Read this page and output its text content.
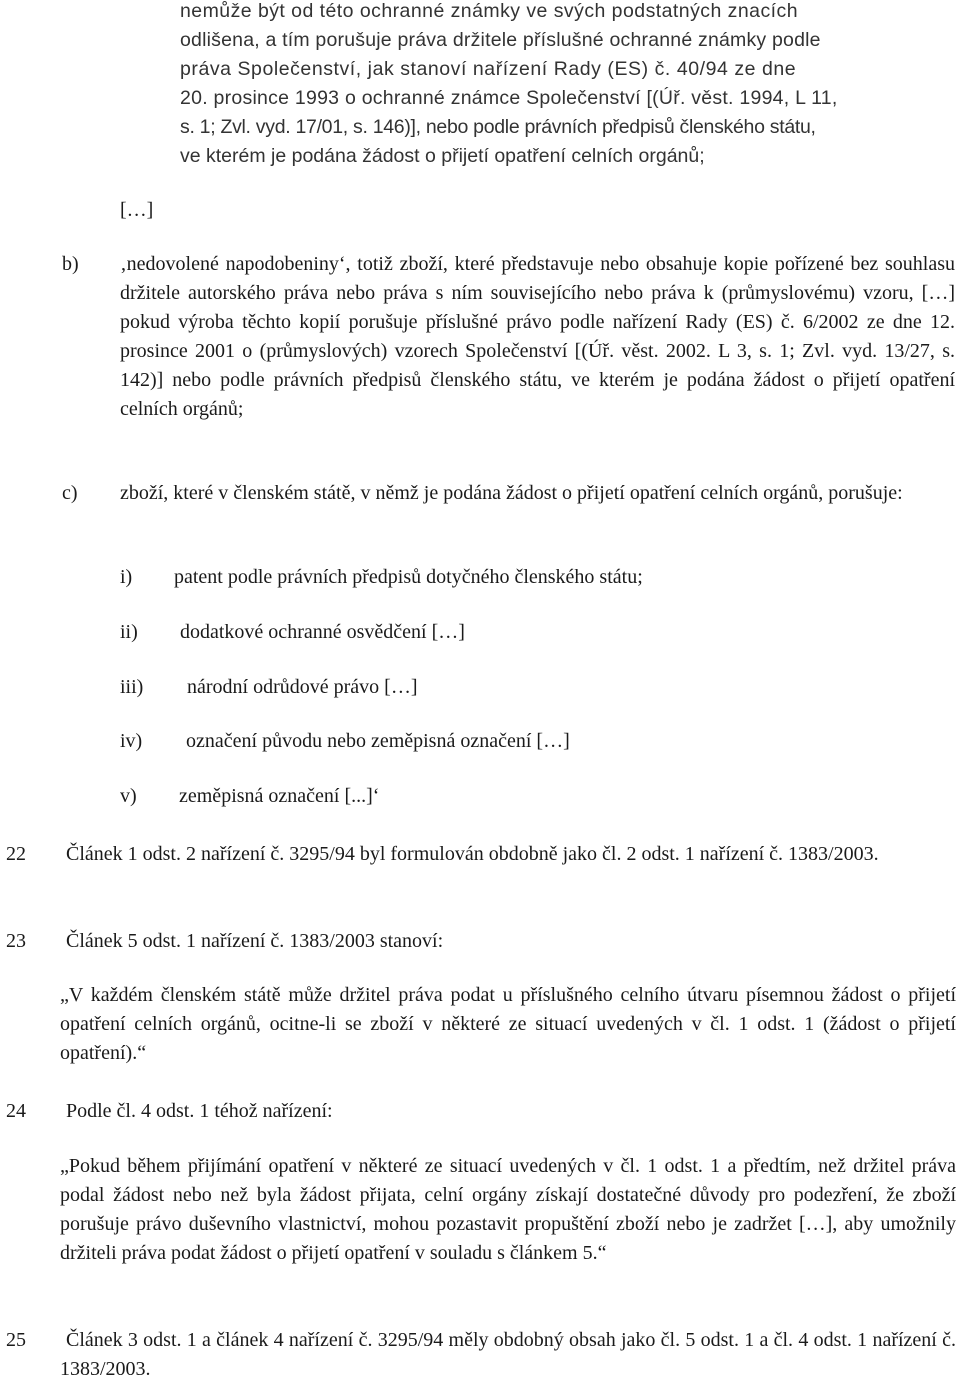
nemůže být od této ochranné známky ve svých podstatných znacích
odlišena, a tím porušuje práva držitele příslušné ochranné známky podle
práva Společenství, jak stanoví nařízení Rady (ES) č. 40/94 ze dne
20. prosince 1993 o ochranné známce Společenství [(Úř. věst. 1994, L 11,
s. 1; Zvl. vyd. 17/01, s. 146)], nebo podle právních předpisů členského státu,
ve kterém je podána žádost o přijetí opatření celních orgánů;
[…]
b) ‚nedovolené napodobeniny‘, totiž zboží, které představuje nebo obsahuje kopie pořízené bez souhlasu držitele autorského práva nebo práva s ním souvisejícího nebo práva k (průmyslovému) vzoru, […] pokud výroba těchto kopií porušuje příslušné právo podle nařízení Rady (ES) č. 6/2002 ze dne 12. prosince 2001 o (průmyslových) vzorech Společenství [(Úř. věst. 2002. L 3, s. 1; Zvl. vyd. 13/27, s. 142)] nebo podle právních předpisů členského státu, ve kterém je podána žádost o přijetí opatření celních orgánů;
c) zboží, které v členském státě, v němž je podána žádost o přijetí opatření celních orgánů, porušuje:
i) patent podle právních předpisů dotyčného členského státu;
ii) dodatkové ochranné osvědčení […]
iii) národní odrůdové právo […]
iv) označení původu nebo zeměpisná označení […]
v) zeměpisná označení [...]‘
22	Článek 1 odst. 2 nařízení č. 3295/94 byl formulován obdobně jako čl. 2 odst. 1 nařízení č. 1383/2003.
23 Článek 5 odst. 1 nařízení č. 1383/2003 stanoví:
„V každém členském státě může držitel práva podat u příslušného celního útvaru písemnou žádost o přijetí opatření celních orgánů, ocitne-li se zboží v některé ze situací uvedených v čl. 1 odst. 1 (žádost o přijetí opatření).“
24 Podle čl. 4 odst. 1 téhož nařízení:
„Pokud během přijímání opatření v některé ze situací uvedených v čl. 1 odst. 1 a předtím, než držitel práva podal žádost nebo než byla žádost přijata, celní orgány získají dostatečné důvody pro podezření, že zboží porušuje právo duševního vlastnictví, mohou pozastavit propuštění zboží nebo je zadržet […], aby umožnily držiteli práva podat žádost o přijetí opatření v souladu s článkem 5.“
25	Článek 3 odst. 1 a článek 4 nařízení č. 3295/94 měly obdobný obsah jako čl. 5 odst. 1 a čl. 4 odst. 1 nařízení č. 1383/2003.
